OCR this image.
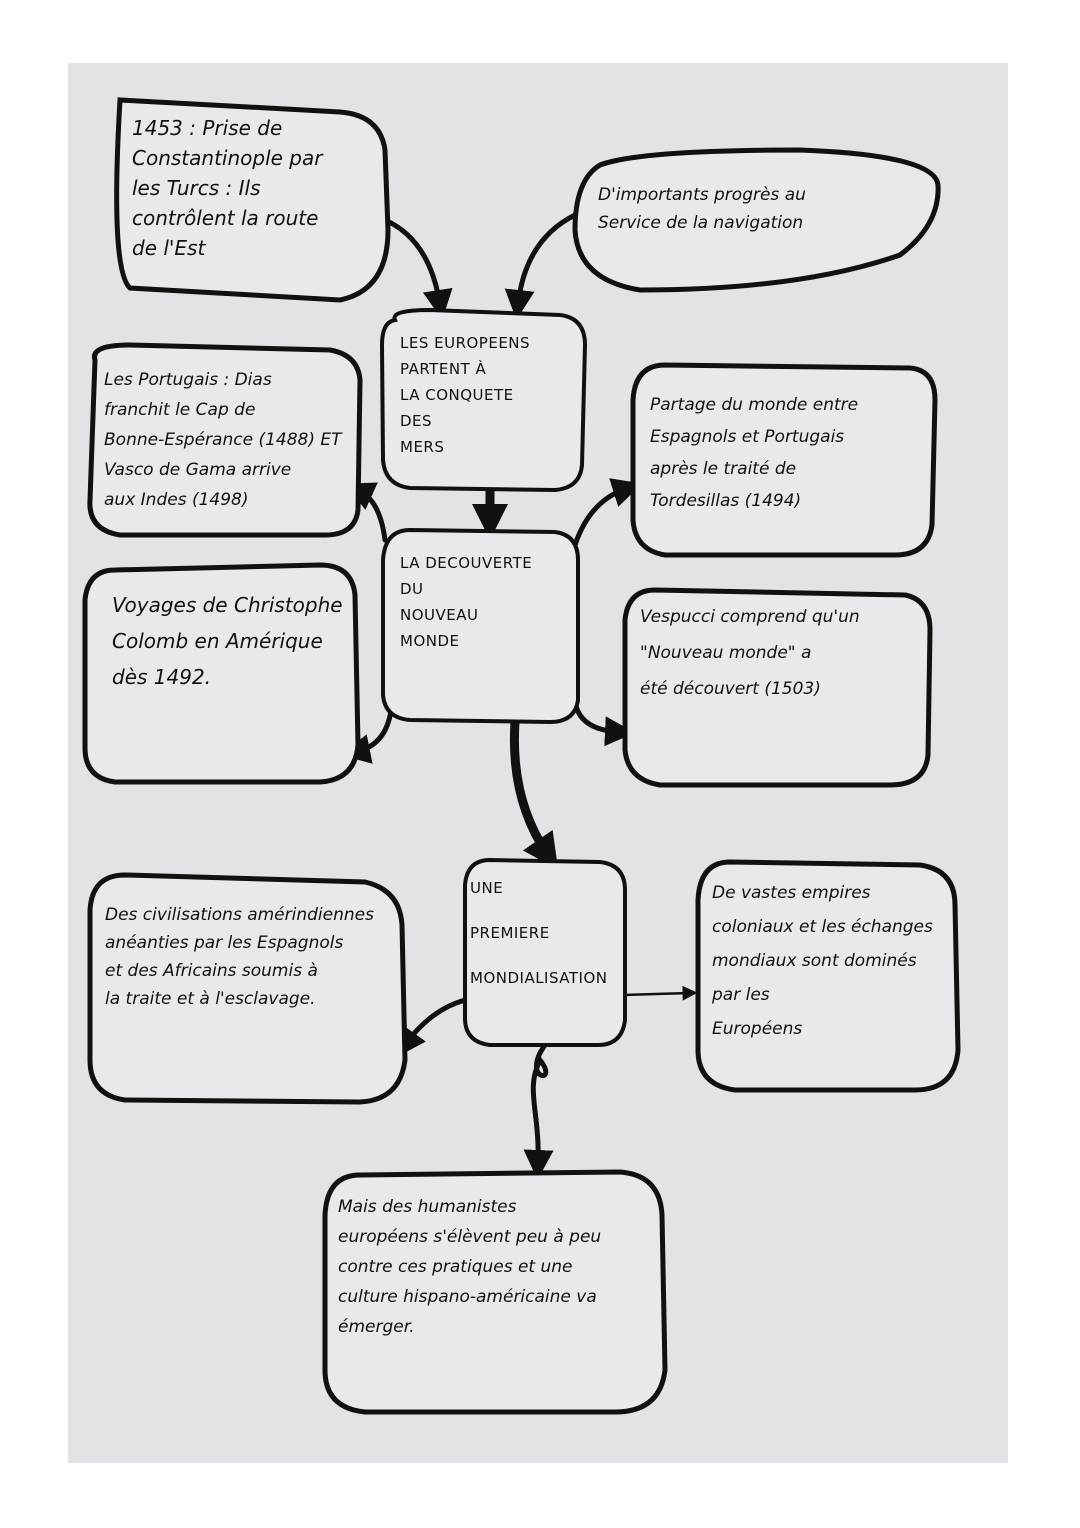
1453 : Prise de
Constantinople par
les Turcs : Ils
contrôlent la route
de l'Est
D'importants progrès au
Service de la navigation
LES EUROPEENS
PARTENT À
LA CONQUETE
DES
MERS
Les Portugais : Dias
franchit le Cap de
Bonne-Espérance (1488) ET
Vasco de Gama arrive
aux Indes (1498)
Partage du monde entre
Espagnols et Portugais
après le traité de
Tordesillas (1494)
LA DECOUVERTE
DU
NOUVEAU
MONDE
Voyages de Christophe
Colomb en Amérique
dès 1492.
Vespucci comprend qu'un
"Nouveau monde" a
été découvert (1503)
UNE
PREMIERE
MONDIALISATION
Des civilisations amérindiennes
anéanties par les Espagnols
et des Africains soumis à
la traite et à l'esclavage.
De vastes empires
coloniaux et les échanges
mondiaux sont dominés
par les
Européens
Mais des humanistes
européens s'élèvent peu à peu
contre ces pratiques et une
culture hispano-américaine va
émerger.
